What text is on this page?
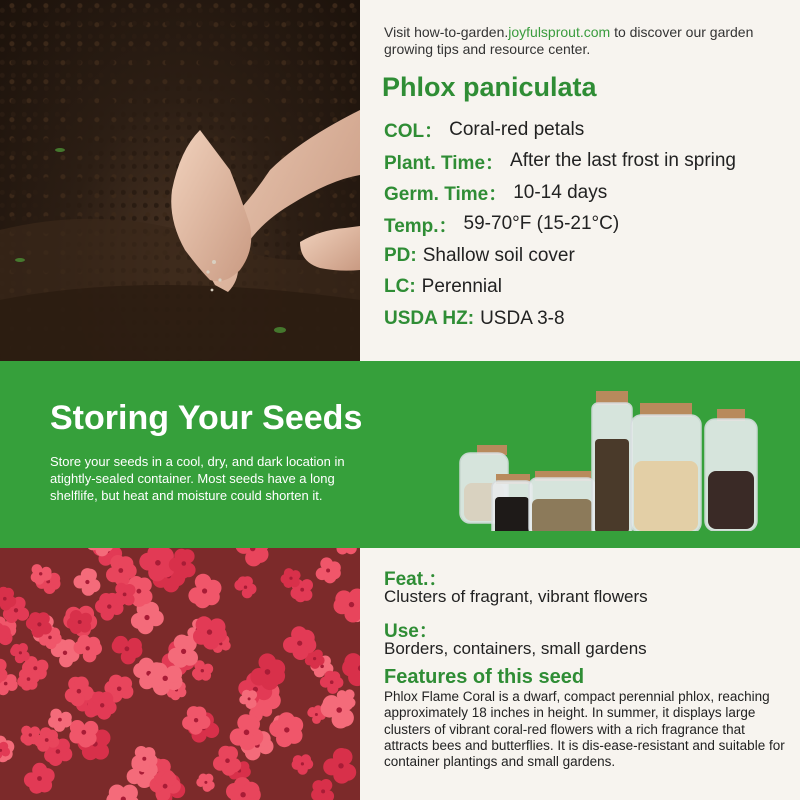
Visit how-to-garden.joyfulsprout.com to discover our garden growing tips and resource center.

Phlox paniculata
COL： Coral-red petals
Plant. Time： After the last frost in spring
Germ. Time： 10-14 days
Temp.： 59-70°F (15-21°C)
PD: Shallow soil cover
LC: Perennial
USDA HZ: USDA 3-8
Storing Your Seeds

Store your seeds in a cool, dry, and dark location in atightly-sealed container. Most seeds have a long shelflife, but heat and moisture could shorten it.

Feat.：
Clusters of fragrant, vibrant flowers
Use：
Borders, containers, small gardens
Features of this seed

Phlox Flame Coral is a dwarf, compact perennial phlox, reaching approximately 18 inches in height. In summer, it displays large clusters of vibrant coral-red flowers with a rich fragrance that attracts bees and butterflies. It is dis-ease-resistant and suitable for container plantings and small gardens.
